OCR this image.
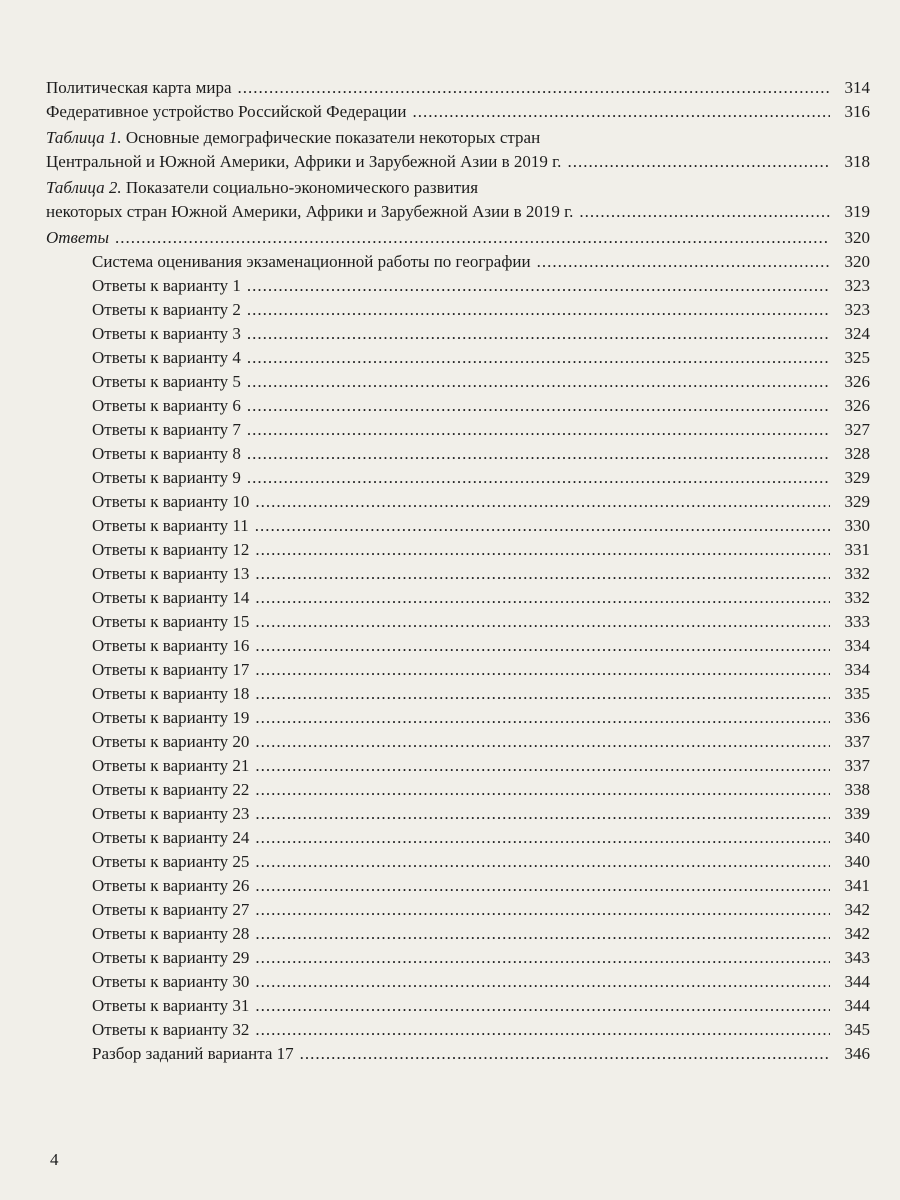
Политическая карта мира .....	314
Федеративное устройство Российской Федерации .....	316
Таблица 1. Основные демографические показатели некоторых стран
Центральной и Южной Америки, Африки и Зарубежной Азии в 2019 г. .....	318
Таблица 2. Показатели социально-экономического развития
некоторых стран Южной Америки, Африки и Зарубежной Азии в 2019 г. .....	319
Ответы .....	320
Система оценивания экзаменационной работы по географии .....	320
Ответы к варианту 1 .....	323
Ответы к варианту 2 .....	323
Ответы к варианту 3 .....	324
Ответы к варианту 4 .....	325
Ответы к варианту 5 .....	326
Ответы к варианту 6 .....	326
Ответы к варианту 7 .....	327
Ответы к варианту 8 .....	328
Ответы к варианту 9 .....	329
Ответы к варианту 10 .....	329
Ответы к варианту 11 .....	330
Ответы к варианту 12 .....	331
Ответы к варианту 13 .....	332
Ответы к варианту 14 .....	332
Ответы к варианту 15 .....	333
Ответы к варианту 16 .....	334
Ответы к варианту 17 .....	334
Ответы к варианту 18 .....	335
Ответы к варианту 19 .....	336
Ответы к варианту 20 .....	337
Ответы к варианту 21 .....	337
Ответы к варианту 22 .....	338
Ответы к варианту 23 .....	339
Ответы к варианту 24 .....	340
Ответы к варианту 25 .....	340
Ответы к варианту 26 .....	341
Ответы к варианту 27 .....	342
Ответы к варианту 28 .....	342
Ответы к варианту 29 .....	343
Ответы к варианту 30 .....	344
Ответы к варианту 31 .....	344
Ответы к варианту 32 .....	345
Разбор заданий варианта 17 .....	346
4
